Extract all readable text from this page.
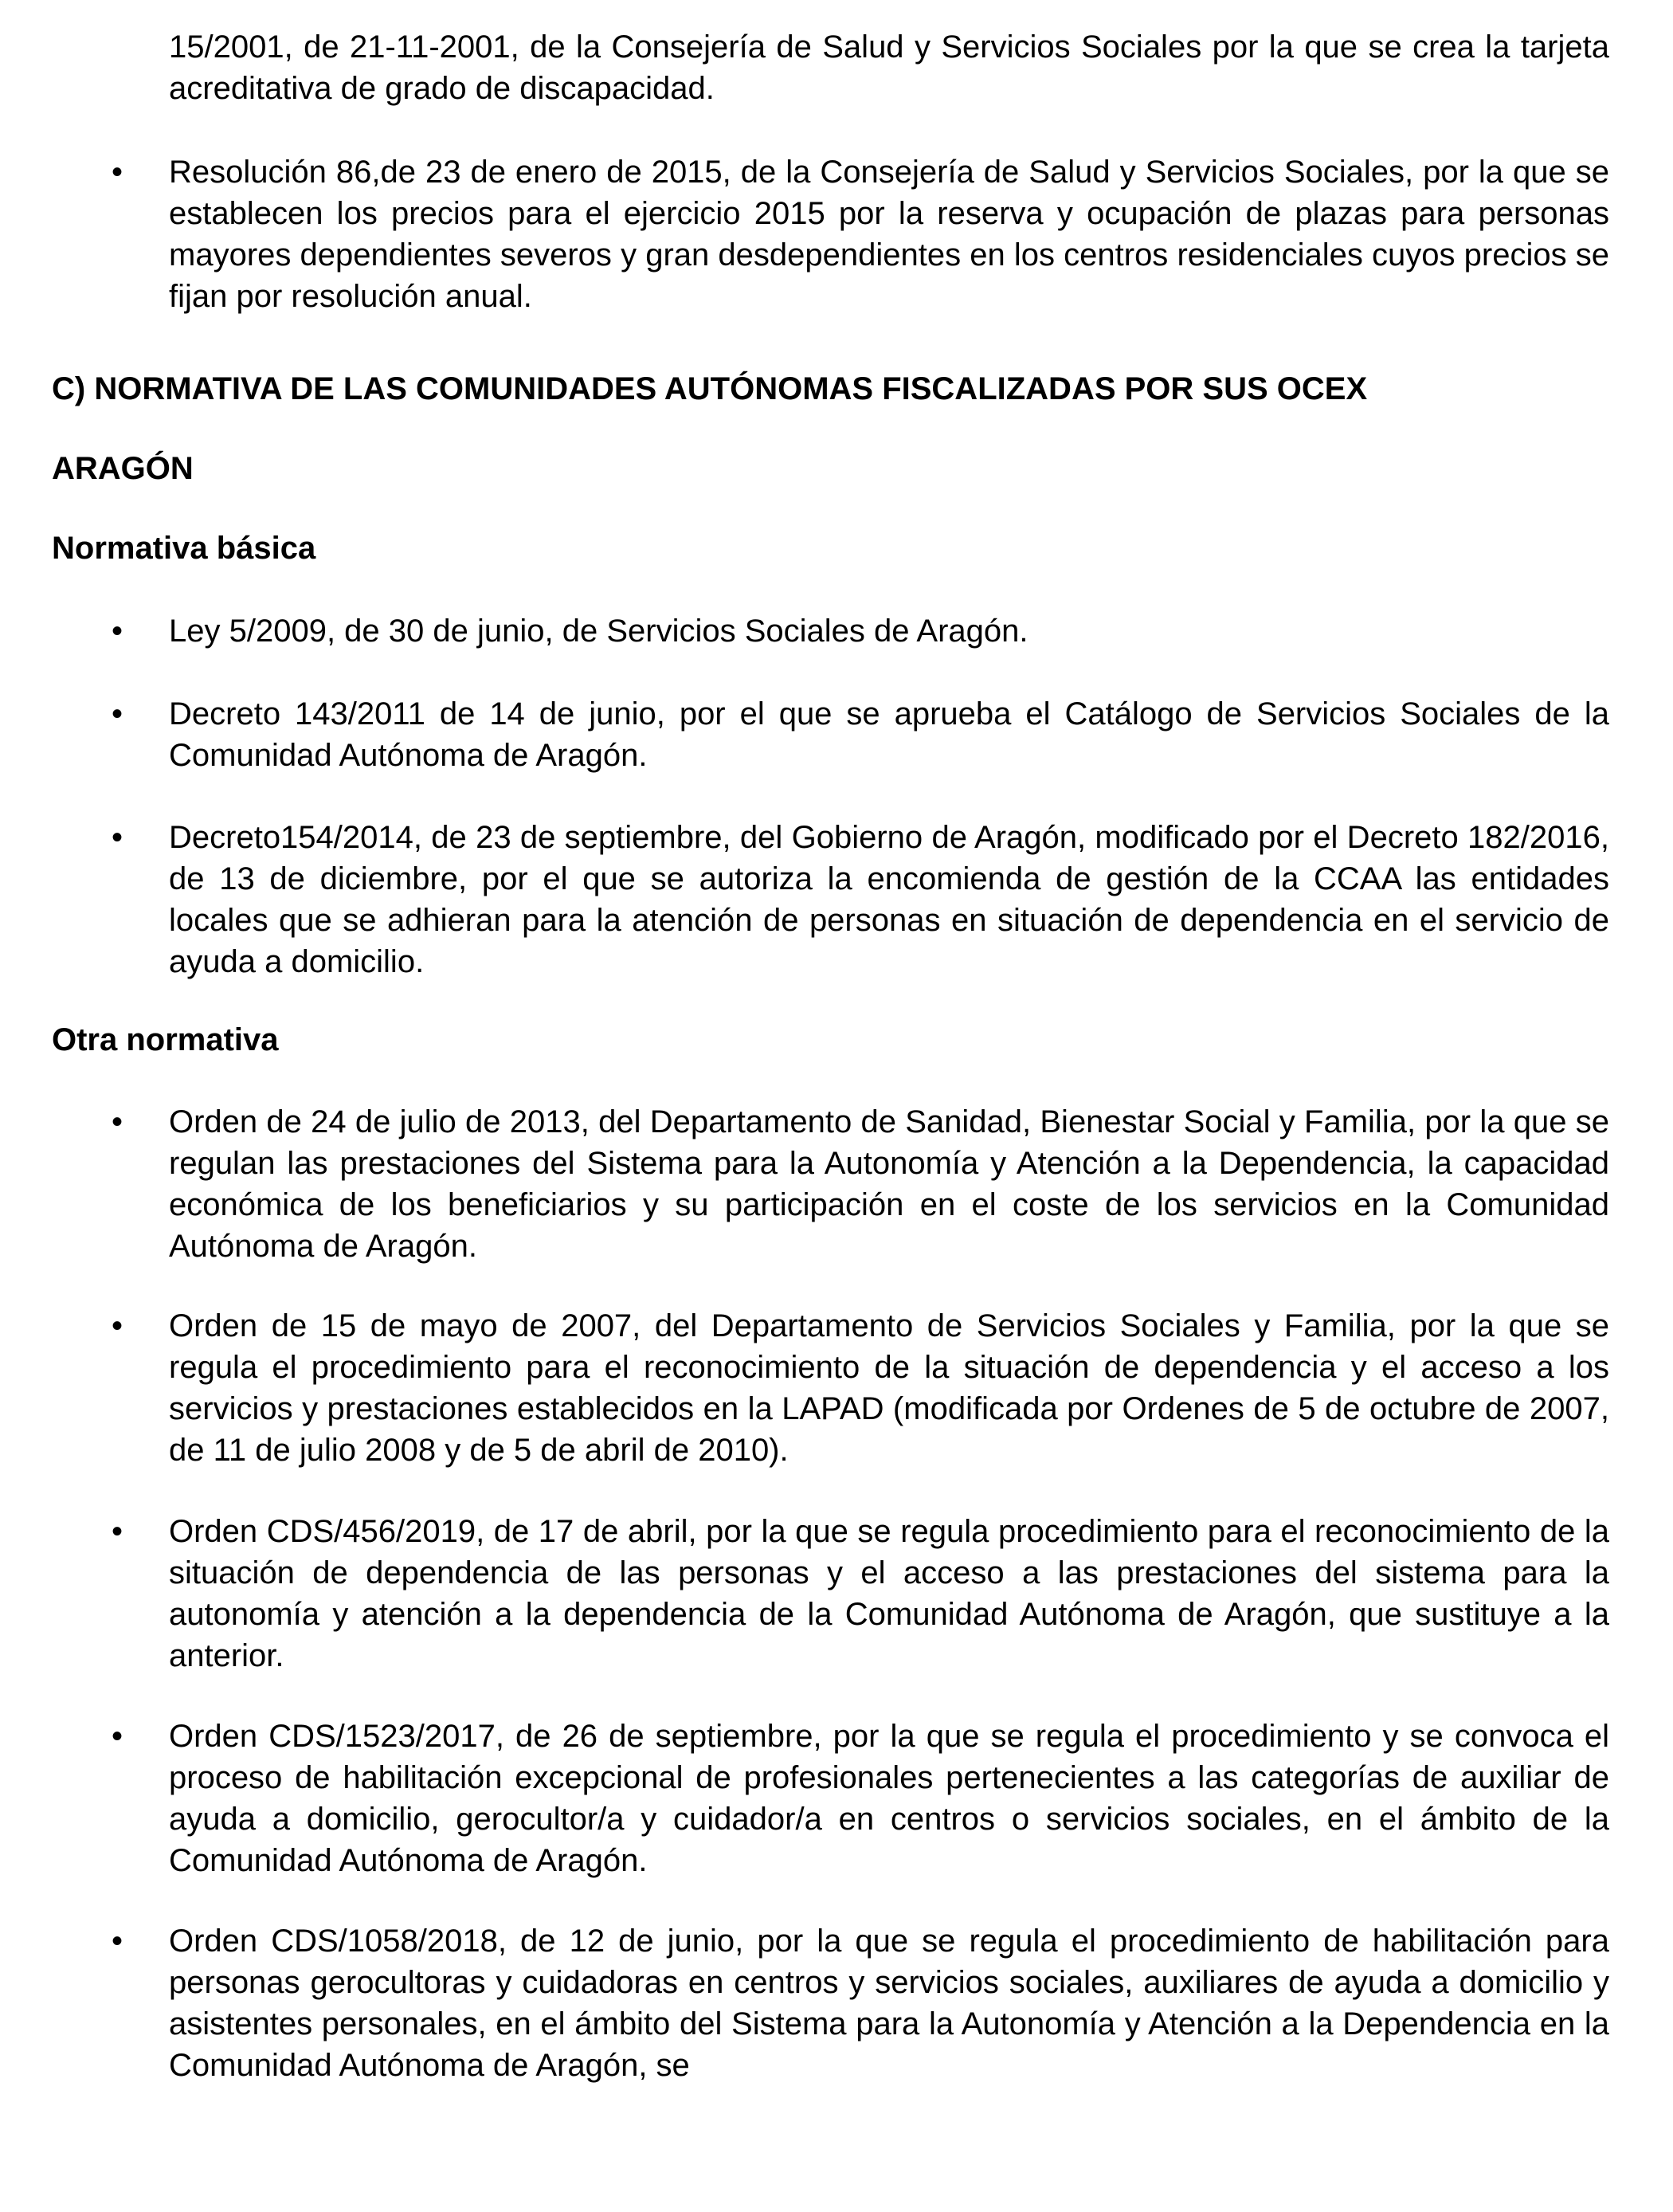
15/2001, de 21-11-2001, de la Consejería de Salud y Servicios Sociales por la que se crea la tarjeta acreditativa de grado de discapacidad.

• Resolución 86,de 23 de enero de 2015, de la Consejería de Salud y Servicios Sociales, por la que se establecen los precios para el ejercicio 2015 por la reserva y ocupación de plazas para personas mayores dependientes severos y gran desdependientes en los centros residenciales cuyos precios se fijan por resolución anual.

C) NORMATIVA DE LAS COMUNIDADES AUTÓNOMAS FISCALIZADAS POR SUS OCEX
ARAGÓN
Normativa básica
• Ley 5/2009, de 30 de junio, de Servicios Sociales de Aragón.

• Decreto 143/2011 de 14 de junio, por el que se aprueba el Catálogo de Servicios Sociales de la Comunidad Autónoma de Aragón.

• Decreto154/2014, de 23 de septiembre, del Gobierno de Aragón, modificado por el Decreto 182/2016, de 13 de diciembre, por el que se autoriza la encomienda de gestión de la CCAA las entidades locales que se adhieran para la atención de personas en situación de dependencia en el servicio de ayuda a domicilio.

Otra normativa
• Orden de 24 de julio de 2013, del Departamento de Sanidad, Bienestar Social y Familia, por la que se regulan las prestaciones del Sistema para la Autonomía y Atención a la Dependencia, la capacidad económica de los beneficiarios y su participación en el coste de los servicios en la Comunidad Autónoma de Aragón.

• Orden de 15 de mayo de 2007, del Departamento de Servicios Sociales y Familia, por la que se regula el procedimiento para el reconocimiento de la situación de dependencia y el acceso a los servicios y prestaciones establecidos en la LAPAD (modificada por Ordenes de 5 de octubre de 2007, de 11 de julio 2008 y de 5 de abril de 2010).

• Orden CDS/456/2019, de 17 de abril, por la que se regula procedimiento para el reconocimiento de la situación de dependencia de las personas y el acceso a las prestaciones del sistema para la autonomía y atención a la dependencia de la Comunidad Autónoma de Aragón, que sustituye a la anterior.

• Orden CDS/1523/2017, de 26 de septiembre, por la que se regula el procedimiento y se convoca el proceso de habilitación excepcional de profesionales pertenecientes a las categorías de auxiliar de ayuda a domicilio, gerocultor/a y cuidador/a en centros o servicios sociales, en el ámbito de la Comunidad Autónoma de Aragón.

• Orden CDS/1058/2018, de 12 de junio, por la que se regula el procedimiento de habilitación para personas gerocultoras y cuidadoras en centros y servicios sociales, auxiliares de ayuda a domicilio y asistentes personales, en el ámbito del Sistema para la Autonomía y Atención a la Dependencia en la Comunidad Autónoma de Aragón, se
